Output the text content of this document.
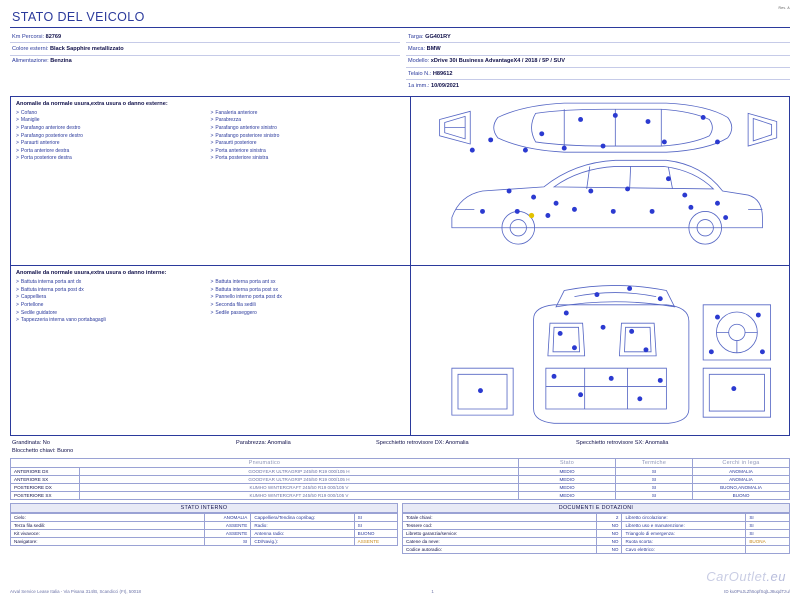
Rev. A
STATO DEL VEICOLO
Km Percorsi: 82769
Colore esterni: Black Sapphire metallizzato
Alimentazione: Benzina
Targa: GG401RY
Marca: BMW
Modello: xDrive 30i Business AdvantageX4 / 2018 / 5P / SUV
Telaio N.: H89612
1a imm.: 10/09/2021
Anomalie da normale usura,extra usura o danno esterne:
> Cofano
> Maniglie
> Parafango anteriore destro
> Parafango posteriore destro
> Paraurti anteriore
> Porta anteriore destra
> Porta posteriore destra
> Fanaleria anteriore
> Parabrezza
> Parafango anteriore sinistro
> Parafango posteriore sinistro
> Paraurti posteriore
> Porta anteriore sinistra
> Porta posteriore sinistra
Anomalie da normale usura,extra usura o danno interne:
> Battuta interna porta ant dx
> Battuta interna porta post dx
> Cappelliera
> Portellone
> Sedile guidatore
> Tappezzeria interna vano portabagagli
> Battuta interna porta ant sx
> Battuta interna porta post sx
> Pannello interno porta post dx
> Seconda fila sedili
> Sedile passeggero
Grandinata: No	Parabrezza: Anomalia	Specchietto retrovisore DX: Anomalia	Specchietto retrovisore SX: Anomalia
Blocchetto chiavi: Buono
Pneumatico		Stato	Termiche	Cerchi in lega
ANTERIORE DX	GOODYEAR ULTRAGRIP 245/50 R19 000/105 H	MEDIO	SI	ANOMALIA
ANTERIORE SX	GOODYEAR ULTRAGRIP 245/50 R19 000/105 H	MEDIO	SI	ANOMALIA
POSTERIORE DX	KUMHO WINTERCRAFT 245/50 R19 000/105 V	MEDIO	SI	BUONO,ANOMALIA
POSTERIORE SX	KUMHO WINTERCRAFT 245/50 R19 000/105 V	MEDIO	SI	BUONO
STATO INTERNO
Cielo:	ANOMALIA	Cappelliera/Tendina copribag:	SI
Terza fila sedili:	ASSENTE	Radio:	SI
Kit vivavoce:	ASSENTE	Antenna radio:	BUONO
Navigatore:	SI	CD/Navig.):	ASSENTE
DOCUMENTI E DOTAZIONI
Totale chiavi:	2	Libretto circolazione:	SI
Tessere cod:	NO	Libretto uso e manutenzione:	SI
Libretto garanzia/service:	NO	Triangolo di emergenza:	SI
Catene da neve:	NO	Ruota scorta:	BUONA
Codice autoradio:	NO	Cavo elettrico:	
CarOutlet.eu
Arval Service Lease Italia - Via Pisana 314/B, Scandicci (FI), 50018	1	ID ku0PoJLZh5opfSq|LJ8uqdTzu/
